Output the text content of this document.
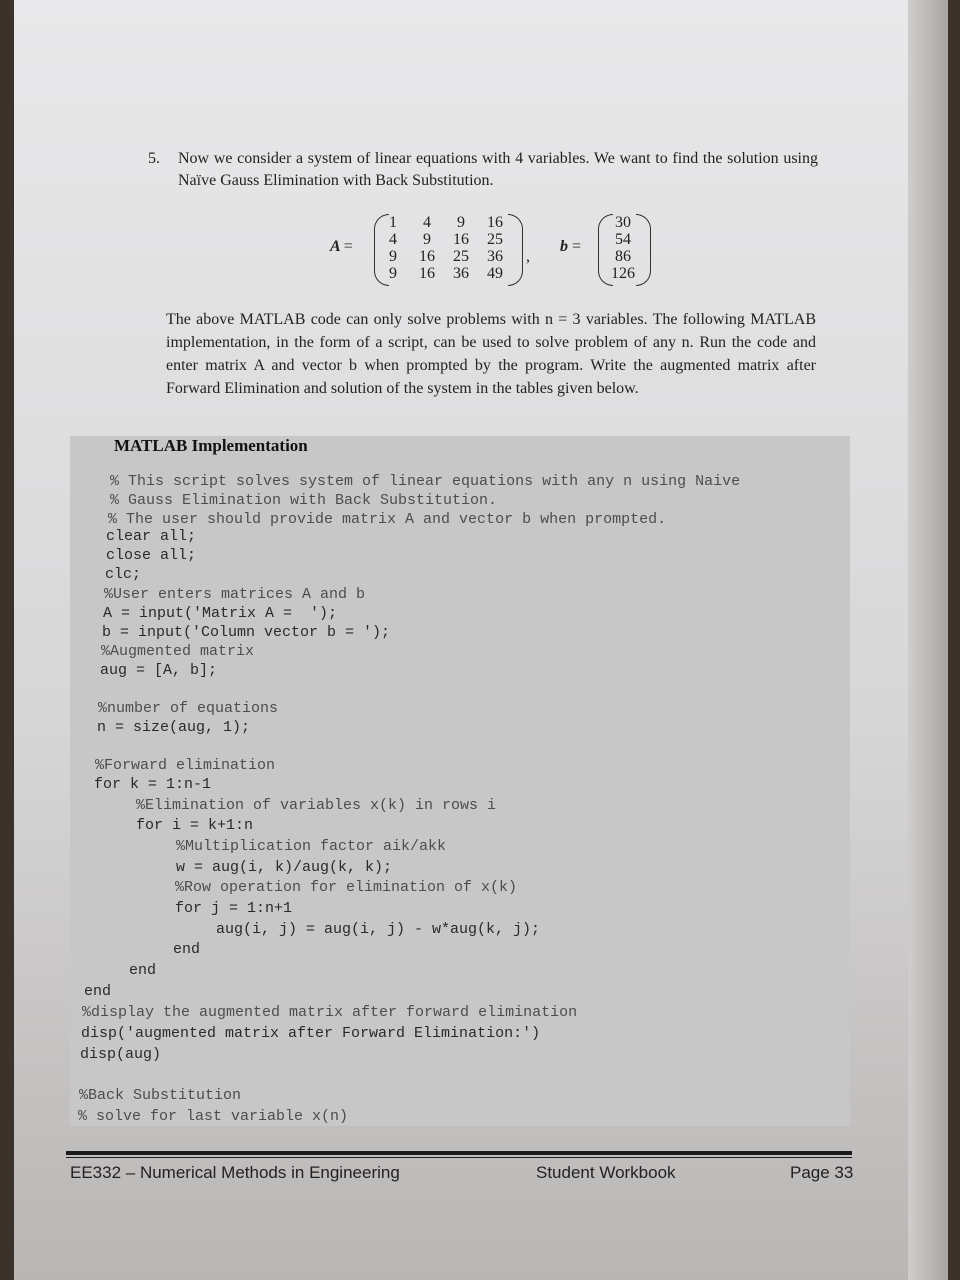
5. Now we consider a system of linear equations with 4 variables. We want to find the solution using Naïve Gauss Elimination with Back Substitution.
A =
1	4	9	16
4	9	16	25
9	16	25	36
9	16	36	49
,
b =
30
54
86
126
The above MATLAB code can only solve problems with n = 3 variables. The following MATLAB implementation, in the form of a script, can be used to solve problem of any n. Run the code and enter matrix A and vector b when prompted by the program. Write the augmented matrix after Forward Elimination and solution of the system in the tables given below.
MATLAB Implementation
% This script solves system of linear equations with any n using Naive
% Gauss Elimination with Back Substitution.
% The user should provide matrix A and vector b when prompted.
clear all;
close all;
clc;
%User enters matrices A and b
A = input('Matrix A =  ');
b = input('Column vector b = ');
%Augmented matrix
aug = [A, b];
%number of equations
n = size(aug, 1);
%Forward elimination
for k = 1:n-1
%Elimination of variables x(k) in rows i
for i = k+1:n
%Multiplication factor aik/akk
w = aug(i, k)/aug(k, k);
%Row operation for elimination of x(k)
for j = 1:n+1
aug(i, j) = aug(i, j) - w*aug(k, j);
end
end
end
%display the augmented matrix after forward elimination
disp('augmented matrix after Forward Elimination:')
disp(aug)
%Back Substitution
% solve for last variable x(n)
EE332 – Numerical Methods in Engineering	Student Workbook	Page 33
